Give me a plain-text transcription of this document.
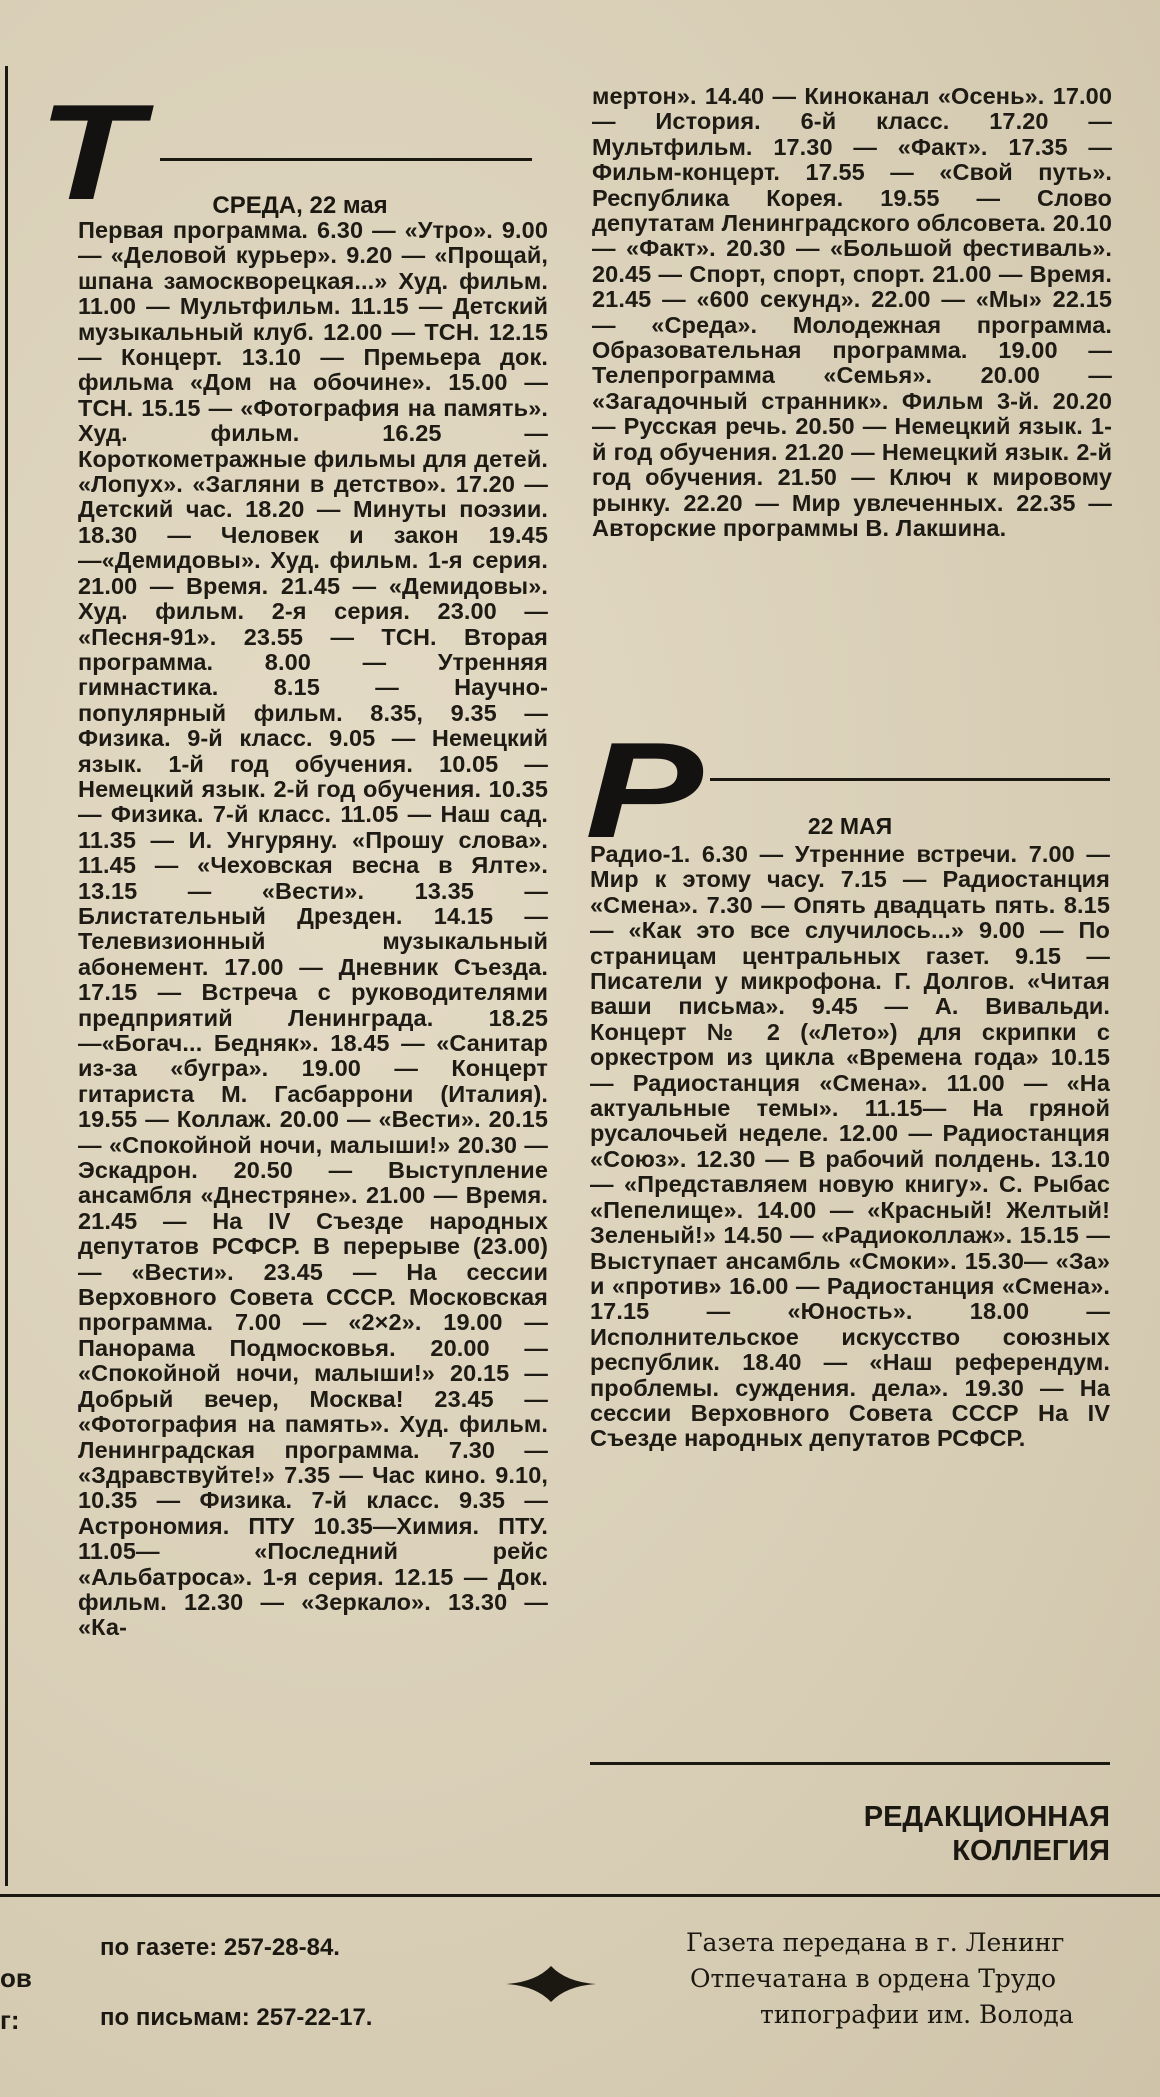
Т	СРЕДА, 22 мая

Первая программа. 6.30 — «Утро». 9.00 — «Деловой курьер». 9.20 — «Прощай, шпана замоскворецкая...» Худ. фильм. 11.00 — Мультфильм. 11.15 — Детский музыкальный клуб. 12.00 — ТСН. 12.15 — Концерт. 13.10 — Премьера док. фильма «Дом на обочине». 15.00 — ТСН. 15.15 — «Фотография на память». Худ. фильм. 16.25 — Короткометражные фильмы для детей. «Лопух». «Загляни в детство». 17.20 — Детский час. 18.20 — Минуты поэзии. 18.30 — Человек и закон 19.45—«Демидовы». Худ. фильм. 1-я серия. 21.00 — Время. 21.45 — «Демидовы». Худ. фильм. 2-я серия. 23.00 — «Песня-91». 23.55 — ТСН. Вторая программа. 8.00 — Утренняя гимнастика. 8.15 — Научно-популярный фильм. 8.35, 9.35 — Физика. 9-й класс. 9.05 — Немецкий язык. 1-й год обучения. 10.05 — Немецкий язык. 2-й год обучения. 10.35 — Физика. 7-й класс. 11.05 — Наш сад. 11.35 — И. Унгуряну. «Прошу слова». 11.45 — «Чеховская весна в Ялте». 13.15 — «Вести». 13.35 — Блистательный Дрезден. 14.15 — Телевизионный музыкальный абонемент. 17.00 — Дневник Съезда. 17.15 — Встреча с руководителями предприятий Ленинграда. 18.25—«Богач... Бедняк». 18.45 — «Санитар из-за «бугра». 19.00 — Концерт гитариста М. Гасбаррони (Италия). 19.55 — Коллаж. 20.00 — «Вести». 20.15 — «Спокойной ночи, малыши!» 20.30 — Эскадрон. 20.50 — Выступление ансамбля «Днестряне». 21.00 — Время. 21.45 — На IV Съезде народных депутатов РСФСР. В перерыве (23.00) — «Вести». 23.45 — На сессии Верховного Совета СССР. Московская программа. 7.00 — «2×2». 19.00 — Панорама Подмосковья. 20.00 — «Спокойной ночи, малыши!» 20.15 — Добрый вечер, Москва! 23.45 — «Фотография на память». Худ. фильм. Ленинградская программа. 7.30 — «Здравствуйте!» 7.35 — Час кино. 9.10, 10.35 — Физика. 7-й класс. 9.35 — Астрономия. ПТУ 10.35—Химия. ПТУ. 11.05— «Последний рейс «Альбатроса». 1-я серия. 12.15 — Док. фильм. 12.30 — «Зеркало». 13.30 — «Ка-

мертон». 14.40 — Киноканал «Осень». 17.00 — История. 6-й класс. 17.20 — Мультфильм. 17.30 — «Факт». 17.35 — Фильм-концерт. 17.55 — «Свой путь». Республика Корея. 19.55 — Слово депутатам Ленинградского облсовета. 20.10 — «Факт». 20.30 — «Большой фестиваль». 20.45 — Спорт, спорт, спорт. 21.00 — Время. 21.45 — «600 секунд». 22.00 — «Мы» 22.15 — «Среда». Молодежная программа. Образовательная программа. 19.00 — Телепрограмма «Семья». 20.00 — «Загадочный странник». Фильм 3-й. 20.20 — Русская речь. 20.50 — Немецкий язык. 1-й год обучения. 21.20 — Немецкий язык. 2-й год обучения. 21.50 — Ключ к мировому рынку. 22.20 — Мир увлеченных. 22.35 — Авторские программы В. Лакшина.

Р	22 МАЯ

Радио-1. 6.30 — Утренние встречи. 7.00 — Мир к этому часу. 7.15 — Радиостанция «Смена». 7.30 — Опять двадцать пять. 8.15 — «Как это все случилось...» 9.00 — По страницам центральных газет. 9.15 — Писатели у микрофона. Г. Долгов. «Читая ваши письма». 9.45 — А. Вивальди. Концерт № 2 («Лето») для скрипки с оркестром из цикла «Времена года» 10.15 — Радиостанция «Смена». 11.00 — «На актуальные темы». 11.15— На гряной русалочьей неделе. 12.00 — Радиостанция «Союз». 12.30 — В рабочий полдень. 13.10 — «Представляем новую книгу». С. Рыбас «Пепелище». 14.00 — «Красный! Желтый! Зеленый!» 14.50 — «Радиоколлаж». 15.15 — Выступает ансамбль «Смоки». 15.30— «За» и «против» 16.00 — Радиостанция «Смена». 17.15 — «Юность». 18.00 — Исполнительское искусство союзных республик. 18.40 — «Наш референдум. проблемы. суждения. дела». 19.30 — На сессии Верховного Совета СССР На IV Съезде народных депутатов РСФСР.

РЕДАКЦИОННАЯ
КОЛЛЕГИЯ
ов
г:
по газете: 257-28-84.
по письмам: 257-22-17.
Газета передана в г. Ленинг
Отпечатана в ордена Трудо
типографии им. Волода
